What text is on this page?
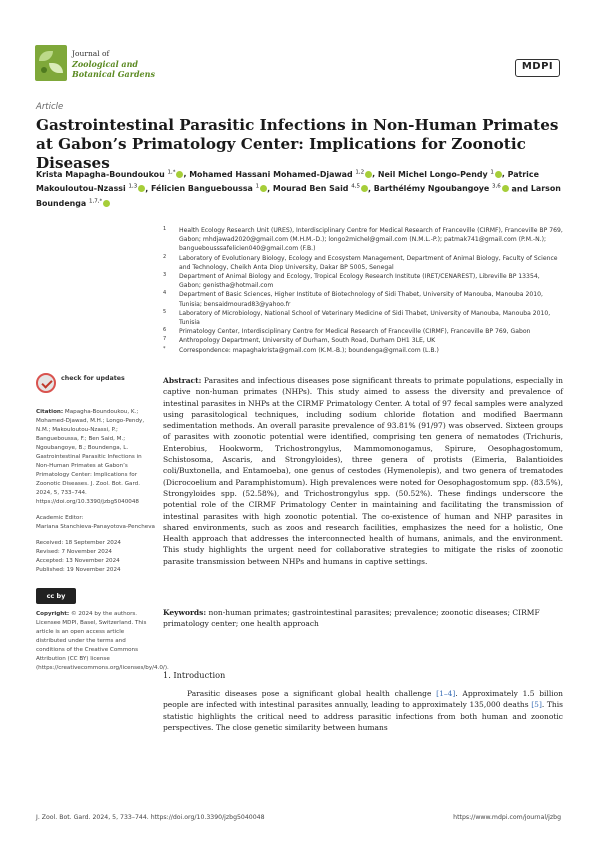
Journal of
Zoological and
Botanical Gardens
MDPI
Article
Gastrointestinal Parasitic Infections in Non-Human Primates at Gabon’s Primatology Center: Implications for Zoonotic Diseases
Krista Mapagha-Boundoukou $^{1,*}$ , Mohamed Hassani Mohamed-Djawad $^{1,2}$ , Neil Michel Longo-Pendy $^1$ , Patrice Makouloutou-Nzassi $^{1,3}$ , Félicien Bangueboussa $^1$ , Mourad Ben Said $^{4,5}$ , Barthélémy Ngoubangoye $^{3,6}$ and Larson Boundenga $^{1,7,*}$
1 Health Ecology Research Unit (URES), Interdisciplinary Centre for Medical Research of Franceville (CIRMF), Franceville BP 769, Gabon; mhdjawad2020@gmail.com (M.H.M.-D.); longo2michel@gmail.com (N.M.L.-P.); patmak741@gmail.com (P.M.-N.); banguebousssafelicien040@gmail.com (F.B.)
2 Laboratory of Evolutionary Biology, Ecology and Ecosystem Management, Department of Animal Biology, Faculty of Science and Technology, Cheikh Anta Diop University, Dakar BP 5005, Senegal
3 Department of Animal Biology and Ecology, Tropical Ecology Research Institute (IRET/CENAREST), Libreville BP 13354, Gabon; genistha@hotmail.com
4 Department of Basic Sciences, Higher Institute of Biotechnology of Sidi Thabet, University of Manouba, Manouba 2010, Tunisia; bensaidmourad83@yahoo.fr
5 Laboratory of Microbiology, National School of Veterinary Medicine of Sidi Thabet, University of Manouba, Manouba 2010, Tunisia
6 Primatology Center, Interdisciplinary Centre for Medical Research of Franceville (CIRMF), Franceville BP 769, Gabon
7 Anthropology Department, University of Durham, South Road, Durham DH1 3LE, UK
* Correspondence: mapaghakrista@gmail.com (K.M.-B.); boundenga@gmail.com (L.B.)
check for updates
Citation: Mapagha-Boundoukou, K.; Mohamed-Djawad, M.H.; Longo-Pendy, N.M.; Makouloutou-Nzassi, P.; Bangueboussa, F.; Ben Said, M.; Ngoubangoye, B.; Boundenga, L. Gastrointestinal Parasitic Infections in Non-Human Primates at Gabon’s Primatology Center: Implications for Zoonotic Diseases. J. Zool. Bot. Gard. 2024, 5, 733–744. https://doi.org/10.3390/jzbg5040048
Academic Editor:
Mariana Stanchieva-Panayotova-Pencheva
Received: 18 September 2024
Revised: 7 November 2024
Accepted: 13 November 2024
Published: 19 November 2024
cc by
Copyright: © 2024 by the authors. Licensee MDPI, Basel, Switzerland. This article is an open access article distributed under the terms and conditions of the Creative Commons Attribution (CC BY) license (https://creativecommons.org/licenses/by/4.0/).
Abstract: Parasites and infectious diseases pose significant threats to primate populations, especially in captive non-human primates (NHPs). This study aimed to assess the diversity and prevalence of intestinal parasites in NHPs at the CIRMF Primatology Center. A total of 97 fecal samples were analyzed using parasitological techniques, including sodium chloride flotation and modified Baermann sedimentation methods. An overall parasite prevalence of 93.81% (91/97) was observed. Sixteen groups of parasites with zoonotic potential were identified, comprising ten genera of nematodes (Trichuris, Enterobius, Hookworm, Trichostrongylus, Mammomonogamus, Spirure, Oesophagostomum, Schistosoma, Ascaris, and Strongyloides), three genera of protists (Eimeria, Balantioides coli/Buxtonella, and Entamoeba), one genus of cestodes (Hymenolepis), and two genera of trematodes (Dicrocoelium and Paramphistomum). High prevalences were noted for Oesophagostomum spp. (83.5%), Strongyloides spp. (52.58%), and Trichostrongylus spp. (50.52%). These findings underscore the potential role of the CIRMF Primatology Center in maintaining and facilitating the transmission of intestinal parasites with high zoonotic potential. The co-existence of human and NHP parasites in shared environments, such as zoos and research facilities, emphasizes the need for a holistic, One Health approach that addresses the interconnected health of humans, animals, and the environment. This study highlights the urgent need for collaborative strategies to mitigate the risks of zoonotic parasite transmission between NHPs and humans in captive settings.
Keywords: non-human primates; gastrointestinal parasites; prevalence; zoonotic diseases; CIRMF primatology center; one health approach
1. Introduction
Parasitic diseases pose a significant global health challenge [1–4]. Approximately 1.5 billion people are infected with intestinal parasites annually, leading to approximately 135,000 deaths [5]. This statistic highlights the critical need to address parasitic infections from both human and zoonotic perspectives. The close genetic similarity between humans
J. Zool. Bot. Gard. 2024, 5, 733–744. https://doi.org/10.3390/jzbg5040048	https://www.mdpi.com/journal/jzbg
